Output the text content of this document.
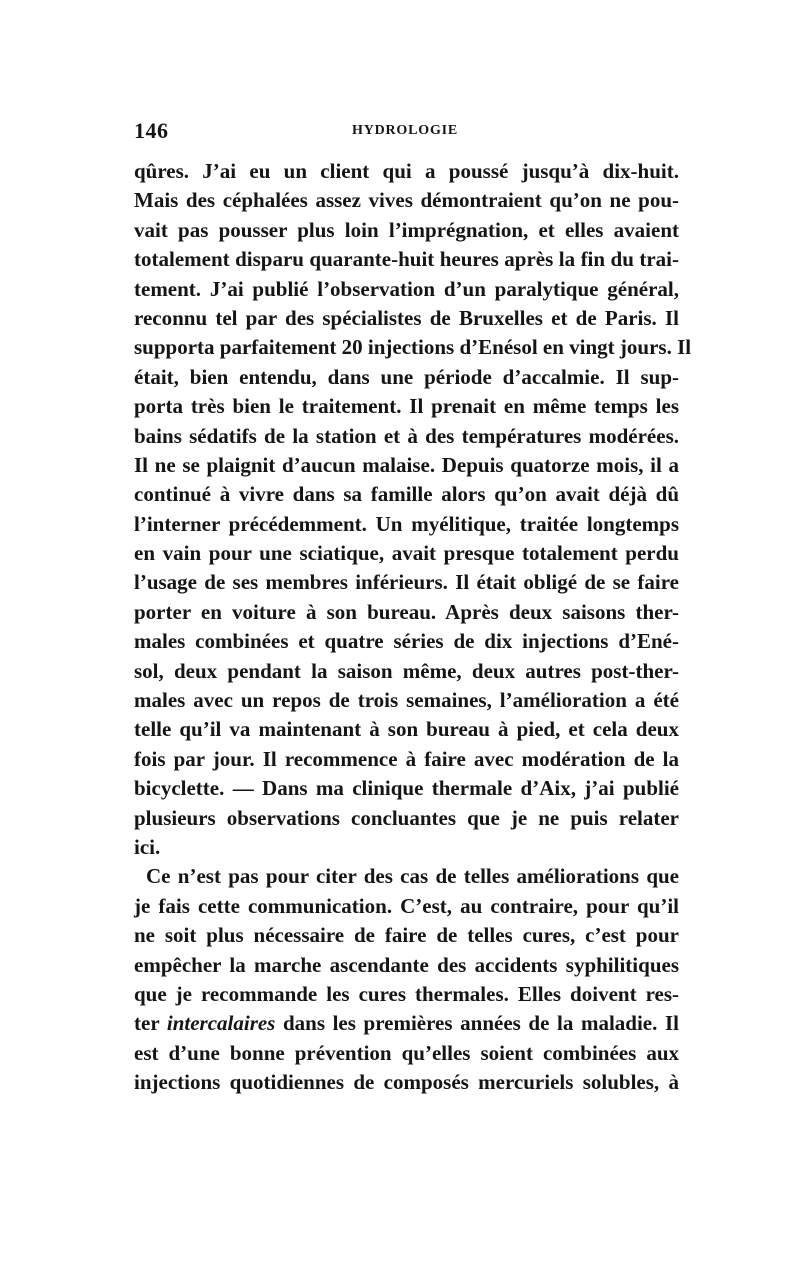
146	HYDROLOGIE
qûres. J’ai eu un client qui a poussé jusqu’à dix-huit.
Mais des céphalées assez vives démontraient qu’on ne pou-
vait pas pousser plus loin l’imprégnation, et elles avaient
totalement disparu quarante-huit heures après la fin du trai-
tement. J’ai publié l’observation d’un paralytique général,
reconnu tel par des spécialistes de Bruxelles et de Paris. Il
supporta parfaitement 20 injections d’Enésol en vingt jours. Il
était, bien entendu, dans une période d’accalmie. Il sup-
porta très bien le traitement. Il prenait en même temps les
bains sédatifs de la station et à des températures modérées.
Il ne se plaignit d’aucun malaise. Depuis quatorze mois, il a
continué à vivre dans sa famille alors qu’on avait déjà dû
l’interner précédemment. Un myélitique, traitée longtemps
en vain pour une sciatique, avait presque totalement perdu
l’usage de ses membres inférieurs. Il était obligé de se faire
porter en voiture à son bureau. Après deux saisons ther-
males combinées et quatre séries de dix injections d’Ené-
sol, deux pendant la saison même, deux autres post-ther-
males avec un repos de trois semaines, l’amélioration a été
telle qu’il va maintenant à son bureau à pied, et cela deux
fois par jour. Il recommence à faire avec modération de la
bicyclette. — Dans ma clinique thermale d’Aix, j’ai publié
plusieurs observations concluantes que je ne puis relater
ici.
Ce n’est pas pour citer des cas de telles améliorations que
je fais cette communication. C’est, au contraire, pour qu’il
ne soit plus nécessaire de faire de telles cures, c’est pour
empêcher la marche ascendante des accidents syphilitiques
que je recommande les cures thermales. Elles doivent res-
ter intercalaires dans les premières années de la maladie. Il
est d’une bonne prévention qu’elles soient combinées aux
injections quotidiennes de composés mercuriels solubles, à
